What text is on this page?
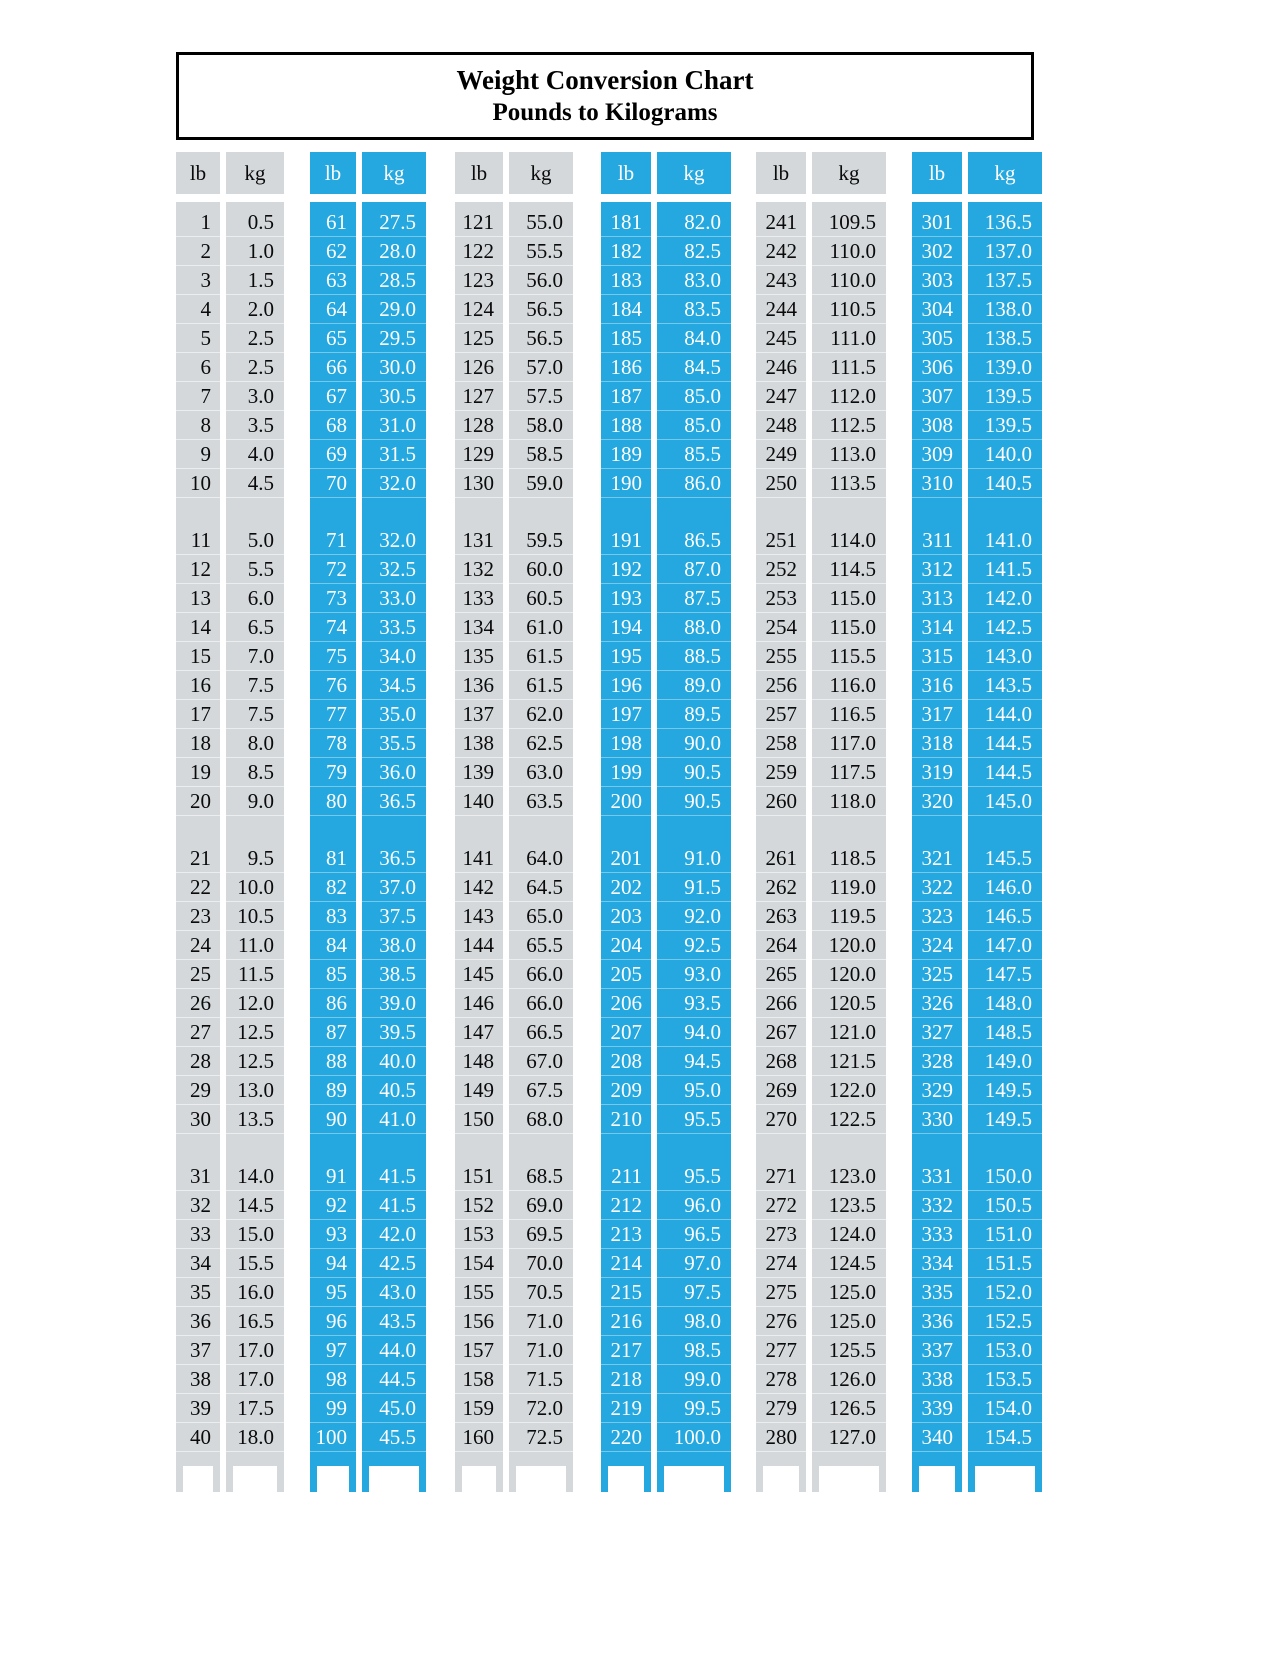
Weight Conversion Chart
Pounds to Kilograms
lb
1
2
3
4
5
6
7
8
9
10
11
12
13
14
15
16
17
18
19
20
21
22
23
24
25
26
27
28
29
30
31
32
33
34
35
36
37
38
39
40
kg
0.5
1.0
1.5
2.0
2.5
2.5
3.0
3.5
4.0
4.5
5.0
5.5
6.0
6.5
7.0
7.5
7.5
8.0
8.5
9.0
9.5
10.0
10.5
11.0
11.5
12.0
12.5
12.5
13.0
13.5
14.0
14.5
15.0
15.5
16.0
16.5
17.0
17.0
17.5
18.0
lb
61
62
63
64
65
66
67
68
69
70
71
72
73
74
75
76
77
78
79
80
81
82
83
84
85
86
87
88
89
90
91
92
93
94
95
96
97
98
99
100
kg
27.5
28.0
28.5
29.0
29.5
30.0
30.5
31.0
31.5
32.0
32.0
32.5
33.0
33.5
34.0
34.5
35.0
35.5
36.0
36.5
36.5
37.0
37.5
38.0
38.5
39.0
39.5
40.0
40.5
41.0
41.5
41.5
42.0
42.5
43.0
43.5
44.0
44.5
45.0
45.5
lb
121
122
123
124
125
126
127
128
129
130
131
132
133
134
135
136
137
138
139
140
141
142
143
144
145
146
147
148
149
150
151
152
153
154
155
156
157
158
159
160
kg
55.0
55.5
56.0
56.5
56.5
57.0
57.5
58.0
58.5
59.0
59.5
60.0
60.5
61.0
61.5
61.5
62.0
62.5
63.0
63.5
64.0
64.5
65.0
65.5
66.0
66.0
66.5
67.0
67.5
68.0
68.5
69.0
69.5
70.0
70.5
71.0
71.0
71.5
72.0
72.5
lb
181
182
183
184
185
186
187
188
189
190
191
192
193
194
195
196
197
198
199
200
201
202
203
204
205
206
207
208
209
210
211
212
213
214
215
216
217
218
219
220
kg
82.0
82.5
83.0
83.5
84.0
84.5
85.0
85.0
85.5
86.0
86.5
87.0
87.5
88.0
88.5
89.0
89.5
90.0
90.5
90.5
91.0
91.5
92.0
92.5
93.0
93.5
94.0
94.5
95.0
95.5
95.5
96.0
96.5
97.0
97.5
98.0
98.5
99.0
99.5
100.0
lb
241
242
243
244
245
246
247
248
249
250
251
252
253
254
255
256
257
258
259
260
261
262
263
264
265
266
267
268
269
270
271
272
273
274
275
276
277
278
279
280
kg
109.5
110.0
110.0
110.5
111.0
111.5
112.0
112.5
113.0
113.5
114.0
114.5
115.0
115.0
115.5
116.0
116.5
117.0
117.5
118.0
118.5
119.0
119.5
120.0
120.0
120.5
121.0
121.5
122.0
122.5
123.0
123.5
124.0
124.5
125.0
125.0
125.5
126.0
126.5
127.0
lb
301
302
303
304
305
306
307
308
309
310
311
312
313
314
315
316
317
318
319
320
321
322
323
324
325
326
327
328
329
330
331
332
333
334
335
336
337
338
339
340
kg
136.5
137.0
137.5
138.0
138.5
139.0
139.5
139.5
140.0
140.5
141.0
141.5
142.0
142.5
143.0
143.5
144.0
144.5
144.5
145.0
145.5
146.0
146.5
147.0
147.5
148.0
148.5
149.0
149.5
149.5
150.0
150.5
151.0
151.5
152.0
152.5
153.0
153.5
154.0
154.5
